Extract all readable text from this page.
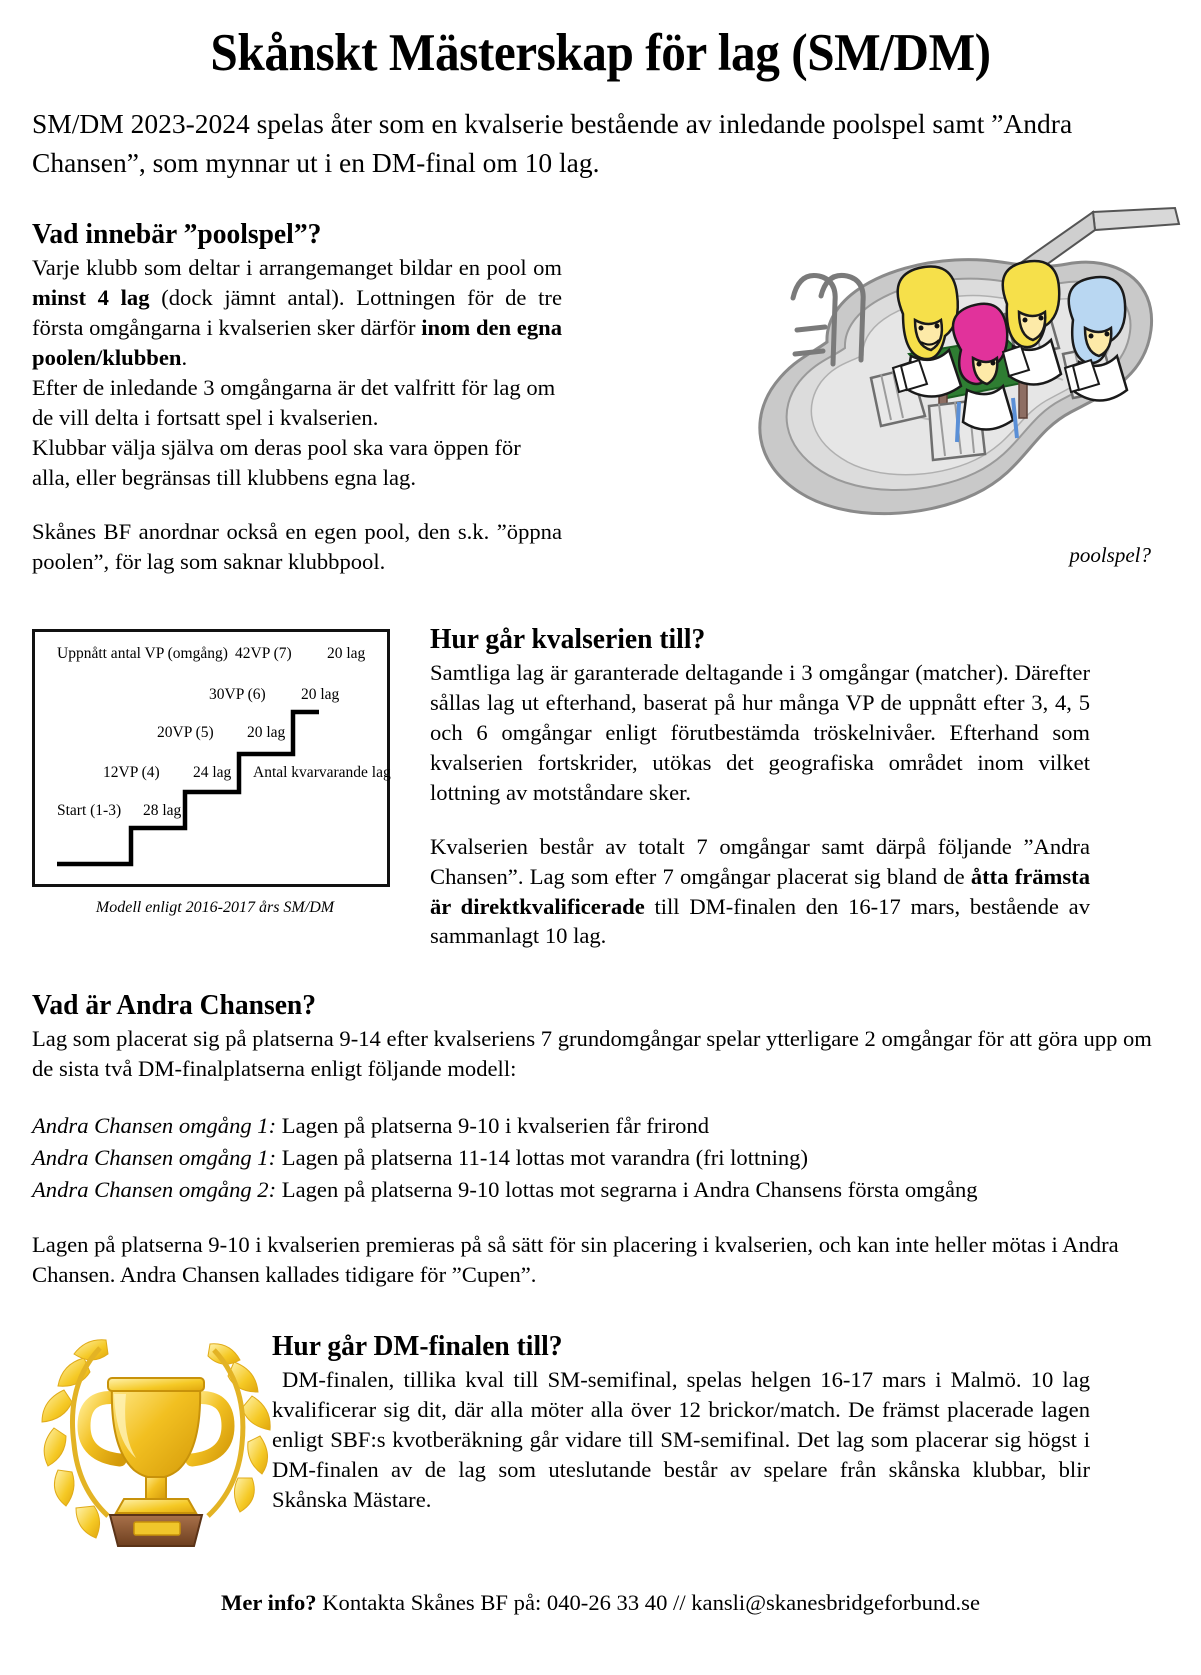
Skånskt Mästerskap för lag (SM/DM)

SM/DM 2023-2024 spelas åter som en kvalserie bestående av inledande poolspel samt ”Andra Chansen”, som mynnar ut i en DM-final om 10 lag.

Vad innebär ”poolspel”?

Varje klubb som deltar i arrangemanget bildar en pool om minst 4 lag (dock jämnt antal). Lottningen för de tre första omgångarna i kvalserien sker därför inom den egna poolen/klubben.

Efter de inledande 3 omgångarna är det valfritt för lag om de vill delta i fortsatt spel i kvalserien.

Klubbar välja själva om deras pool ska vara öppen för alla, eller begränsas till klubbens egna lag.

Skånes BF anordnar också en egen pool, den s.k. ”öppna poolen”, för lag som saknar klubbpool.	poolspel?
Uppnått antal VP (omgång) 42VP (7) 20 lag
30VP (6) 20 lag
20VP (5) 20 lag
12VP (4) 24 lag Antal kvarvarande lag
Start (1-3) 28 lag
Modell enligt 2016-2017 års SM/DM
Hur går kvalserien till?

Samtliga lag är garanterade deltagande i 3 omgångar (matcher). Därefter sållas lag ut efterhand, baserat på hur många VP de uppnått efter 3, 4, 5 och 6 omgångar enligt förutbestämda tröskelnivåer. Efterhand som kvalserien fortskrider, utökas det geografiska området inom vilket lottning av motståndare sker.

Kvalserien består av totalt 7 omgångar samt därpå följande ”Andra Chansen”. Lag som efter 7 omgångar placerat sig bland de åtta främsta är direktkvalificerade till DM-finalen den 16-17 mars, bestående av sammanlagt 10 lag.

Vad är Andra Chansen?

Lag som placerat sig på platserna 9-14 efter kvalseriens 7 grundomgångar spelar ytterligare 2 omgångar för att göra upp om de sista två DM-finalplatserna enligt följande modell:

Andra Chansen omgång 1: Lagen på platserna 9-10 i kvalserien får frirond
Andra Chansen omgång 1: Lagen på platserna 11-14 lottas mot varandra (fri lottning)
Andra Chansen omgång 2: Lagen på platserna 9-10 lottas mot segrarna i Andra Chansens första omgång

Lagen på platserna 9-10 i kvalserien premieras på så sätt för sin placering i kvalserien, och kan inte heller mötas i Andra Chansen. Andra Chansen kallades tidigare för ”Cupen”.

Hur går DM-finalen till?

DM-finalen, tillika kval till SM-semifinal, spelas helgen 16-17 mars i Malmö. 10 lag kvalificerar sig dit, där alla möter alla över 12 brickor/match. De främst placerade lagen enligt SBF:s kvotberäkning går vidare till SM-semifinal. Det lag som placerar sig högst i DM-finalen av de lag som uteslutande består av spelare från skånska klubbar, blir Skånska Mästare.

Mer info? Kontakta Skånes BF på: 040-26 33 40 // kansli@skanesbridgeforbund.se
